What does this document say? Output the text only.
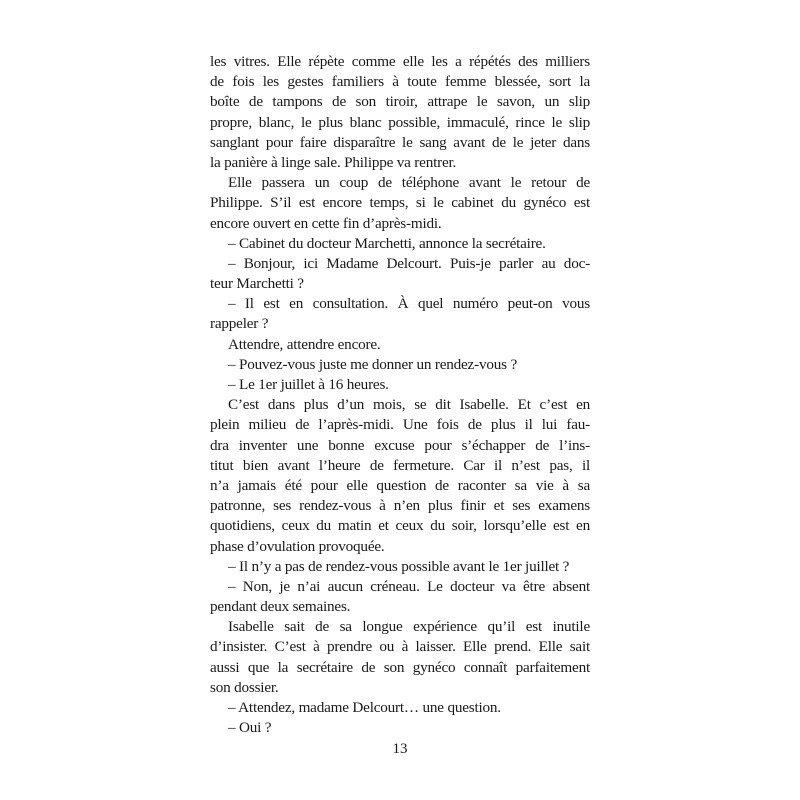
les vitres. Elle répète comme elle les a répétés des milliers
de fois les gestes familiers à toute femme blessée, sort la
boîte de tampons de son tiroir, attrape le savon, un slip
propre, blanc, le plus blanc possible, immaculé, rince le slip
sanglant pour faire disparaître le sang avant de le jeter dans
la panière à linge sale. Philippe va rentrer.
Elle passera un coup de téléphone avant le retour de
Philippe. S’il est encore temps, si le cabinet du gynéco est
encore ouvert en cette fin d’après-midi.
– Cabinet du docteur Marchetti, annonce la secrétaire.
– Bonjour, ici Madame Delcourt. Puis-je parler au doc-
teur Marchetti ?
– Il est en consultation. À quel numéro peut-on vous
rappeler ?
Attendre, attendre encore.
– Pouvez-vous juste me donner un rendez-vous ?
– Le 1er juillet à 16 heures.
C’est dans plus d’un mois, se dit Isabelle. Et c’est en
plein milieu de l’après-midi. Une fois de plus il lui fau-
dra inventer une bonne excuse pour s’échapper de l’ins-
titut bien avant l’heure de fermeture. Car il n’est pas, il
n’a jamais été pour elle question de raconter sa vie à sa
patronne, ses rendez-vous à n’en plus finir et ses examens
quotidiens, ceux du matin et ceux du soir, lorsqu’elle est en
phase d’ovulation provoquée.
– Il n’y a pas de rendez-vous possible avant le 1er juillet ?
– Non, je n’ai aucun créneau. Le docteur va être absent
pendant deux semaines.
Isabelle sait de sa longue expérience qu’il est inutile
d’insister. C’est à prendre ou à laisser. Elle prend. Elle sait
aussi que la secrétaire de son gynéco connaît parfaitement
son dossier.
– Attendez, madame Delcourt… une question.
– Oui ?
13
